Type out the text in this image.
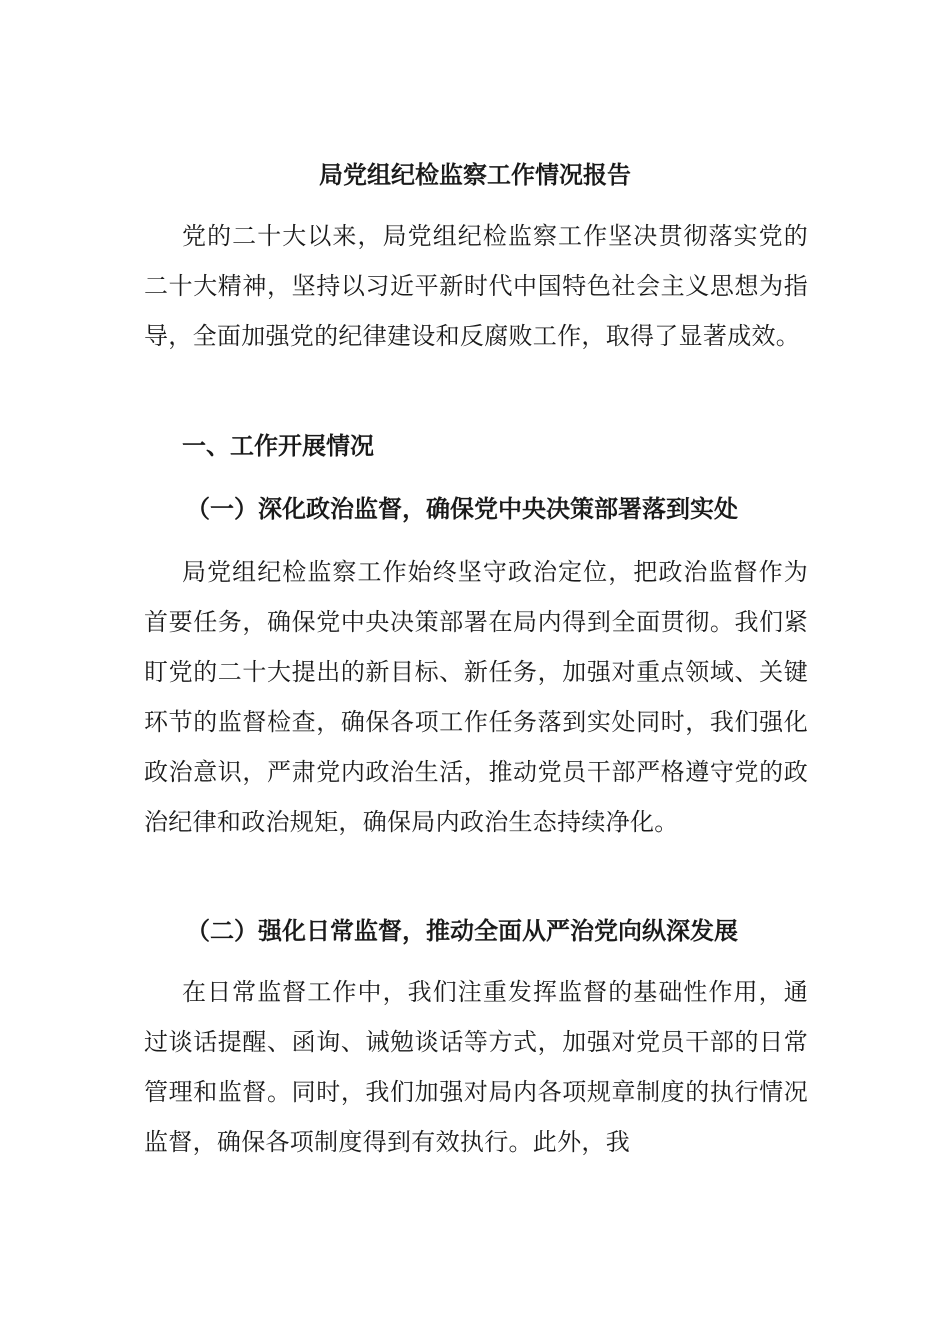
局党组纪检监察工作情况报告

党的二十大以来，局党组纪检监察工作坚决贯彻落实党的二十大精神，坚持以习近平新时代中国特色社会主义思想为指导，全面加强党的纪律建设和反腐败工作，取得了显著成效。

一、工作开展情况
（一）深化政治监督，确保党中央决策部署落到实处

局党组纪检监察工作始终坚守政治定位，把政治监督作为首要任务，确保党中央决策部署在局内得到全面贯彻。我们紧盯党的二十大提出的新目标、新任务，加强对重点领域、关键环节的监督检查，确保各项工作任务落到实处同时，我们强化政治意识，严肃党内政治生活，推动党员干部严格遵守党的政治纪律和政治规矩，确保局内政治生态持续净化。

（二）强化日常监督，推动全面从严治党向纵深发展

在日常监督工作中，我们注重发挥监督的基础性作用，通过谈话提醒、函询、诫勉谈话等方式，加强对党员干部的日常管理和监督。同时，我们加强对局内各项规章制度的执行情况监督，确保各项制度得到有效执行。此外，我
